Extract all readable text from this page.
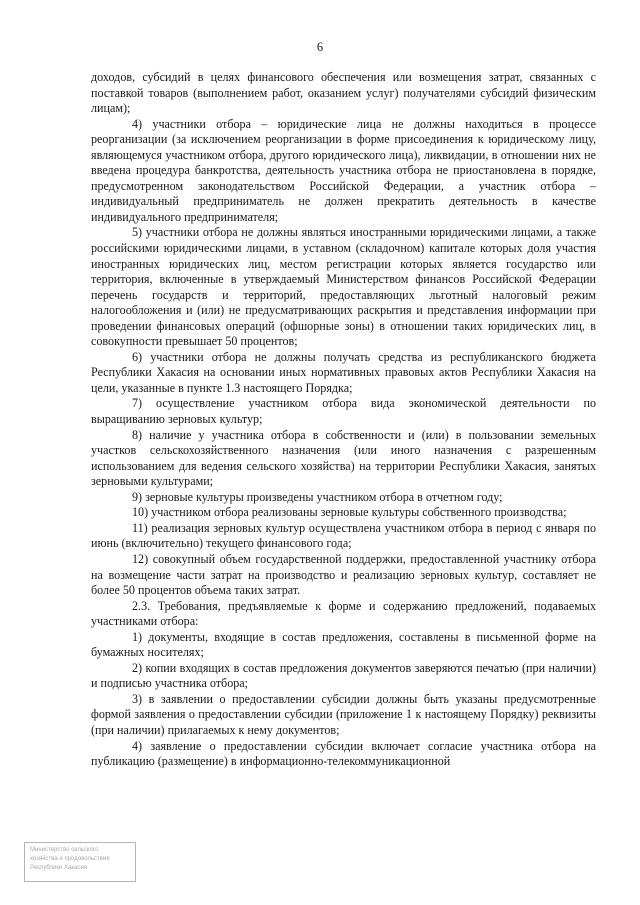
6

доходов, субсидий в целях финансового обеспечения или возмещения затрат, связанных с поставкой товаров (выполнением работ, оказанием услуг) получателями субсидий физическим лицам);

4) участники отбора – юридические лица не должны находиться в процессе реорганизации (за исключением реорганизации в форме присоединения к юридическому лицу, являющемуся участником отбора, другого юридического лица), ликвидации, в отношении них не введена процедура банкротства, деятельность участника отбора не приостановлена в порядке, предусмотренном законодательством Российской Федерации, а участник отбора – индивидуальный предприниматель не должен прекратить деятельность в качестве индивидуального предпринимателя;

5) участники отбора не должны являться иностранными юридическими лицами, а также российскими юридическими лицами, в уставном (складочном) капитале которых доля участия иностранных юридических лиц, местом регистрации которых является государство или территория, включенные в утверждаемый Министерством финансов Российской Федерации перечень государств и территорий, предоставляющих льготный налоговый режим налогообложения и (или) не предусматривающих раскрытия и представления информации при проведении финансовых операций (офшорные зоны) в отношении таких юридических лиц, в совокупности превышает 50 процентов;

6) участники отбора не должны получать средства из республиканского бюджета Республики Хакасия на основании иных нормативных правовых актов Республики Хакасия на цели, указанные в пункте 1.3 настоящего Порядка;

7) осуществление участником отбора вида экономической деятельности по выращиванию зерновых культур;

8) наличие у участника отбора в собственности и (или) в пользовании земельных участков сельскохозяйственного назначения (или иного назначения с разрешенным использованием для ведения сельского хозяйства) на территории Республики Хакасия, занятых зерновыми культурами;

9) зерновые культуры произведены участником отбора в отчетном году;

10) участником отбора реализованы зерновые культуры собственного производства;

11) реализация зерновых культур осуществлена участником отбора в период с января по июнь (включительно) текущего финансового года;

12) совокупный объем государственной поддержки, предоставленной участнику отбора на возмещение части затрат на производство и реализацию зерновых культур, составляет не более 50 процентов объема таких затрат.

2.3. Требования, предъявляемые к форме и содержанию предложений, подаваемых участниками отбора:

1) документы, входящие в состав предложения, составлены в письменной форме на бумажных носителях;

2) копии входящих в состав предложения документов заверяются печатью (при наличии) и подписью участника отбора;

3) в заявлении о предоставлении субсидии должны быть указаны предусмотренные формой заявления о предоставлении субсидии (приложение 1 к настоящему Порядку) реквизиты (при наличии) прилагаемых к нему документов;

4) заявление о предоставлении субсидии включает согласие участника отбора на публикацию (размещение) в информационно-телекоммуникационной

Министерство сельского
хозяйства и продовольствия
Республики Хакасия
